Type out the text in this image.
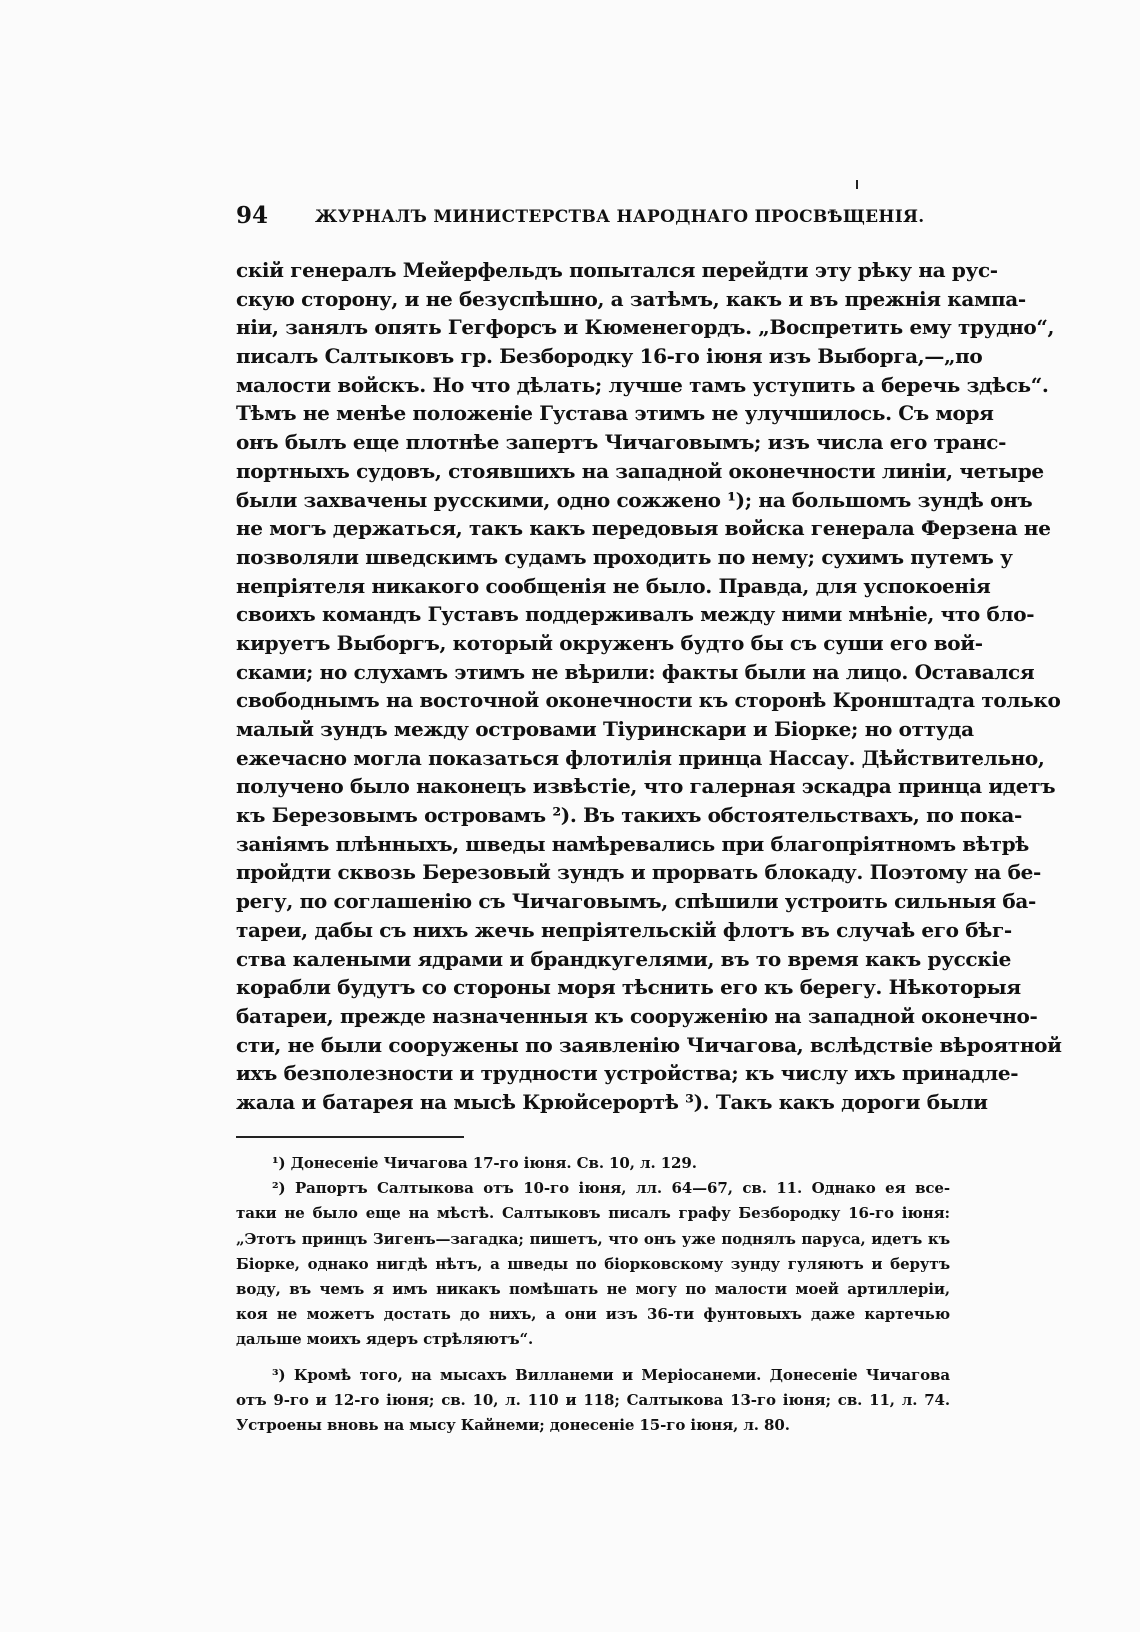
94	ЖУРНАЛЪ МИНИСТЕРСТВА НАРОДНАГО ПРОСВѢЩЕНІЯ.
скій генералъ Мейерфельдъ попытался перейдти эту рѣку на рус-
скую сторону, и не безуспѣшно, а затѣмъ, какъ и въ прежнія кампа-
ніи, занялъ опять Гегфорсъ и Кюменегордъ. „Воспретить ему трудно“,
писалъ Салтыковъ гр. Безбородку 16-го іюня изъ Выборга,—„по
малости войскъ. Но что дѣлать; лучше тамъ уступить а беречь здѣсь“.
Тѣмъ не менѣе положеніе Густава этимъ не улучшилось. Съ моря
онъ былъ еще плотнѣе запертъ Чичаговымъ; изъ числа его транс-
портныхъ судовъ, стоявшихъ на западной оконечности линіи, четыре
были захвачены русскими, одно сожжено ¹); на большомъ зундѣ онъ
не могъ держаться, такъ какъ передовыя войска генерала Ферзена не
позволяли шведскимъ судамъ проходить по нему; сухимъ путемъ у
непріятеля никакого сообщенія не было. Правда, для успокоенія
своихъ командъ Густавъ поддерживалъ между ними мнѣніе, что бло-
кируетъ Выборгъ, который окруженъ будто бы съ суши его вой-
сками; но слухамъ этимъ не вѣрили: факты были на лицо. Оставался
свободнымъ на восточной оконечности къ сторонѣ Кронштадта только
малый зундъ между островами Тіуринскари и Біорке; но оттуда
ежечасно могла показаться флотилія принца Нассау. Дѣйствительно,
получено было наконецъ извѣстіе, что галерная эскадра принца идетъ
къ Березовымъ островамъ ²). Въ такихъ обстоятельствахъ, по пока-
заніямъ плѣнныхъ, шведы намѣревались при благопріятномъ вѣтрѣ
пройдти сквозь Березовый зундъ и прорвать блокаду. Поэтому на бе-
регу, по соглашенію съ Чичаговымъ, спѣшили устроить сильныя ба-
тареи, дабы съ нихъ жечь непріятельскій флотъ въ случаѣ его бѣг-
ства калеными ядрами и брандкугелями, въ то время какъ русскіе
корабли будутъ со стороны моря тѣснить его къ берегу. Нѣкоторыя
батареи, прежде назначенныя къ сооруженію на западной оконечно-
сти, не были сооружены по заявленію Чичагова, вслѣдствіе вѣроятной
ихъ безполезности и трудности устройства; къ числу ихъ принадле-
жала и батарея на мысѣ Крюйсерортѣ ³). Такъ какъ дороги были
¹) Донесеніе Чичагова 17-го іюня. Св. 10, л. 129.
²) Рапортъ Салтыкова отъ 10-го іюня, лл. 64—67, св. 11. Однако ея все-
таки не было еще на мѣстѣ. Салтыковъ писалъ графу Безбородку 16-го іюня:
„Этотъ принцъ Зигенъ—загадка; пишетъ, что онъ уже поднялъ паруса, идетъ къ
Біорке, однако нигдѣ нѣтъ, а шведы по біорковскому зунду гуляютъ и берутъ
воду, въ чемъ я имъ никакъ помѣшать не могу по малости моей артиллеріи,
коя не можетъ достать до нихъ, а они изъ 36-ти фунтовыхъ даже картечью
дальше моихъ ядеръ стрѣляютъ“.
³) Кромѣ того, на мысахъ Вилланеми и Меріосанеми. Донесеніе Чичагова
отъ 9-го и 12-го іюня; св. 10, л. 110 и 118; Салтыкова 13-го іюня; св. 11, л. 74.
Устроены вновь на мысу Кайнеми; донесеніе 15-го іюня, л. 80.
